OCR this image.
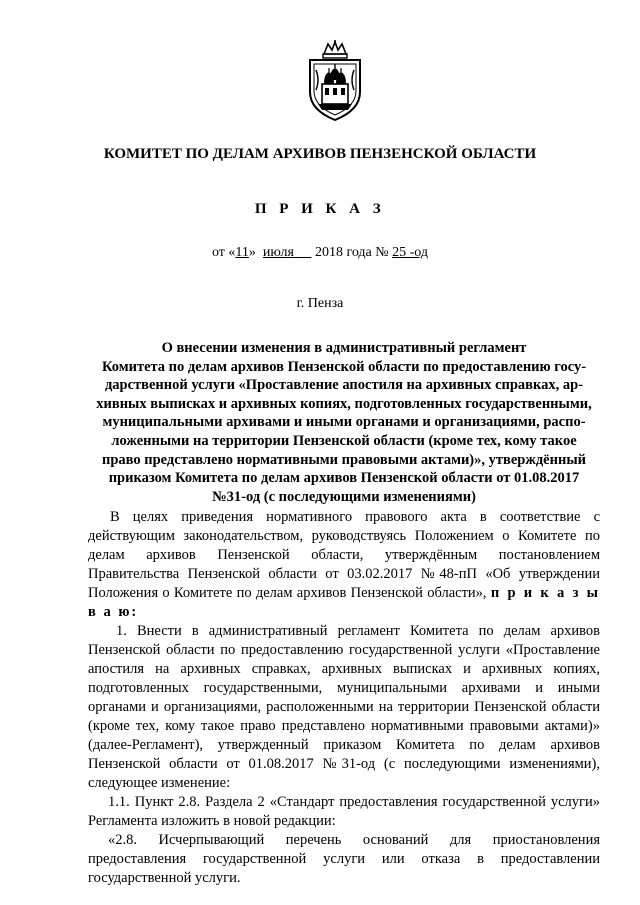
КОМИТЕТ ПО ДЕЛАМ АРХИВОВ ПЕНЗЕНСКОЙ ОБЛАСТИ
П Р И К А З
от «11» июля 2018 года № 25 -од
г. Пенза
О внесении изменения в административный регламент
Комитета по делам архивов Пензенской области по предоставлению госу-
дарственной услуги «Проставление апостиля на архивных справках, ар-
хивных выписках и архивных копиях, подготовленных государственными,
муниципальными архивами и иными органами и организациями, распо-
ложенными на территории Пензенской области (кроме тех, кому такое
право представлено нормативными правовыми актами)», утверждённый
приказом Комитета по делам архивов Пензенской области от 01.08.2017
№31-од (с последующими изменениями)

В целях приведения нормативного правового акта в соответствие с действующим законодательством, руководствуясь Положением о Комитете по делам архивов Пензенской области, утверждённым постановлением Правительства Пензенской области от 03.02.2017 №48-пП «Об утверждении Положения о Комитете по делам архивов Пензенской области», п р и к а з ы в а ю:

1. Внести в административный регламент Комитета по делам архивов Пензенской области по предоставлению государственной услуги «Проставление апостиля на архивных справках, архивных выписках и архивных копиях, подготовленных государственными, муниципальными архивами и иными органами и организациями, расположенными на территории Пензенской области (кроме тех, кому такое право представлено нормативными правовыми актами)» (далее-Регламент), утвержденный приказом Комитета по делам архивов Пензенской области от 01.08.2017 №31-од (с последующими изменениями), следующее изменение:

1.1. Пункт 2.8. Раздела 2 «Стандарт предоставления государственной услуги» Регламента изложить в новой редакции:

«2.8. Исчерпывающий перечень оснований для приостановления предоставления государственной услуги или отказа в предоставлении государственной услуги.
